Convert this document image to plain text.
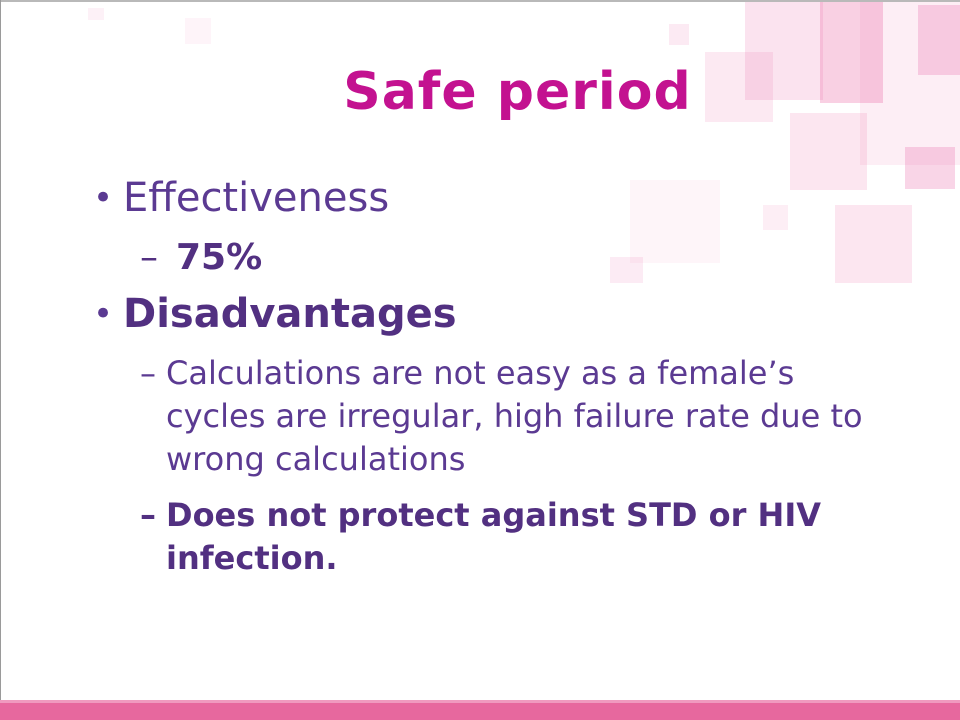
Safe period
• Effectiveness
– 75%
• Disadvantages
– Calculations are not easy as a female’s
cycles are irregular, high failure rate due to
wrong calculations
– Does not protect against STD or HIV
infection.
